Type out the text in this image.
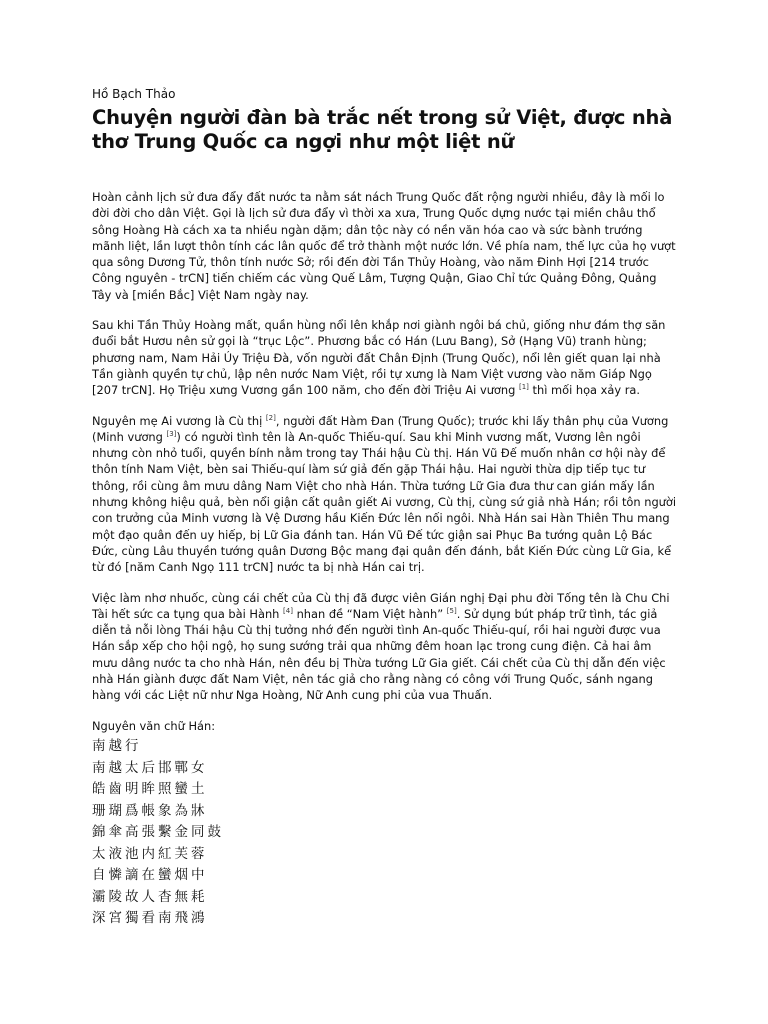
Hồ Bạch Thảo
Chuyện người đàn bà trắc nết trong sử Việt, được nhà thơ Trung Quốc ca ngợi như một liệt nữ

Hoàn cảnh lịch sử đưa đẩy đất nước ta nằm sát nách Trung Quốc đất rộng người nhiều, đây là mối lo đời đời cho dân Việt. Gọi là lịch sử đưa đẩy vì thời xa xưa, Trung Quốc dựng nước tại miền châu thổ sông Hoàng Hà cách xa ta nhiều ngàn dặm; dân tộc này có nền văn hóa cao và sức bành trướng mãnh liệt, lần lượt thôn tính các lân quốc để trở thành một nước lớn. Về phía nam, thế lực của họ vượt qua sông Dương Tử, thôn tính nước Sở; rồi đến đời Tần Thủy Hoàng, vào năm Đinh Hợi [214 trước Công nguyên - trCN] tiến chiếm các vùng Quế Lâm, Tượng Quận, Giao Chỉ tức Quảng Đông, Quảng Tây và [miền Bắc] Việt Nam ngày nay.

Sau khi Tần Thủy Hoàng mất, quần hùng nổi lên khắp nơi giành ngôi bá chủ, giống như đám thợ săn đuổi bắt Hươu nên sử gọi là “trục Lộc”. Phương bắc có Hán (Lưu Bang), Sở (Hạng Vũ) tranh hùng; phương nam, Nam Hải Úy Triệu Đà, vốn người đất Chân Định (Trung Quốc), nổi lên giết quan lại nhà Tần giành quyền tự chủ, lập nên nước Nam Việt, rồi tự xưng là Nam Việt vương vào năm Giáp Ngọ [207 trCN]. Họ Triệu xưng Vương gần 100 năm, cho đến đời Triệu Ai vương [1] thì mối họa xảy ra.

Nguyên mẹ Ai vương là Cù thị [2], người đất Hàm Đan (Trung Quốc); trước khi lấy thân phụ của Vương (Minh vương [3]) có người tình tên là An-quốc Thiếu-quí. Sau khi Minh vương mất, Vương lên ngôi nhưng còn nhỏ tuổi, quyền bính nằm trong tay Thái hậu Cù thị. Hán Vũ Đế muốn nhân cơ hội này để thôn tính Nam Việt, bèn sai Thiếu-quí làm sứ giả đến gặp Thái hậu. Hai người thừa dịp tiếp tục tư thông, rồi cùng âm mưu dâng Nam Việt cho nhà Hán. Thừa tướng Lữ Gia đưa thư can gián mấy lần nhưng không hiệu quả, bèn nổi giận cất quân giết Ai vương, Cù thị, cùng sứ giả nhà Hán; rồi tôn người con trưởng của Minh vương là Vệ Dương hầu Kiến Đức lên nối ngôi. Nhà Hán sai Hàn Thiên Thu mang một đạo quân đến uy hiếp, bị Lữ Gia đánh tan. Hán Vũ Đế tức giận sai Phục Ba tướng quân Lộ Bác Đức, cùng Lâu thuyền tướng quân Dương Bộc mang đại quân đến đánh, bắt Kiến Đức cùng Lữ Gia, kể từ đó [năm Canh Ngọ 111 trCN] nước ta bị nhà Hán cai trị.

Việc làm nhơ nhuốc, cùng cái chết của Cù thị đã được viên Gián nghị Đại phu đời Tống tên là Chu Chi Tài hết sức ca tụng qua bài Hành [4] nhan đề “Nam Việt hành” [5]. Sử dụng bút pháp trữ tình, tác giả diễn tả nỗi lòng Thái hậu Cù thị tưởng nhớ đến người tình An-quốc Thiếu-quí, rồi hai người được vua Hán sắp xếp cho hội ngộ, họ sung sướng trải qua những đêm hoan lạc trong cung điện. Cả hai âm mưu dâng nước ta cho nhà Hán, nên đều bị Thừa tướng Lữ Gia giết. Cái chết của Cù thị dẫn đến việc nhà Hán giành được đất Nam Việt, nên tác giả cho rằng nàng có công với Trung Quốc, sánh ngang hàng với các Liệt nữ như Nga Hoàng, Nữ Anh cung phi của vua Thuấn.

Nguyên văn chữ Hán:

南越行
南越太后邯鄲女
皓齒明眸照蠻土
珊瑚爲帳象為牀
錦傘高張繫金同鼓
太液池内紅芙蓉
自憐謫在蠻烟中
灞陵故人杳無耗
深宮獨看南飛鴻
